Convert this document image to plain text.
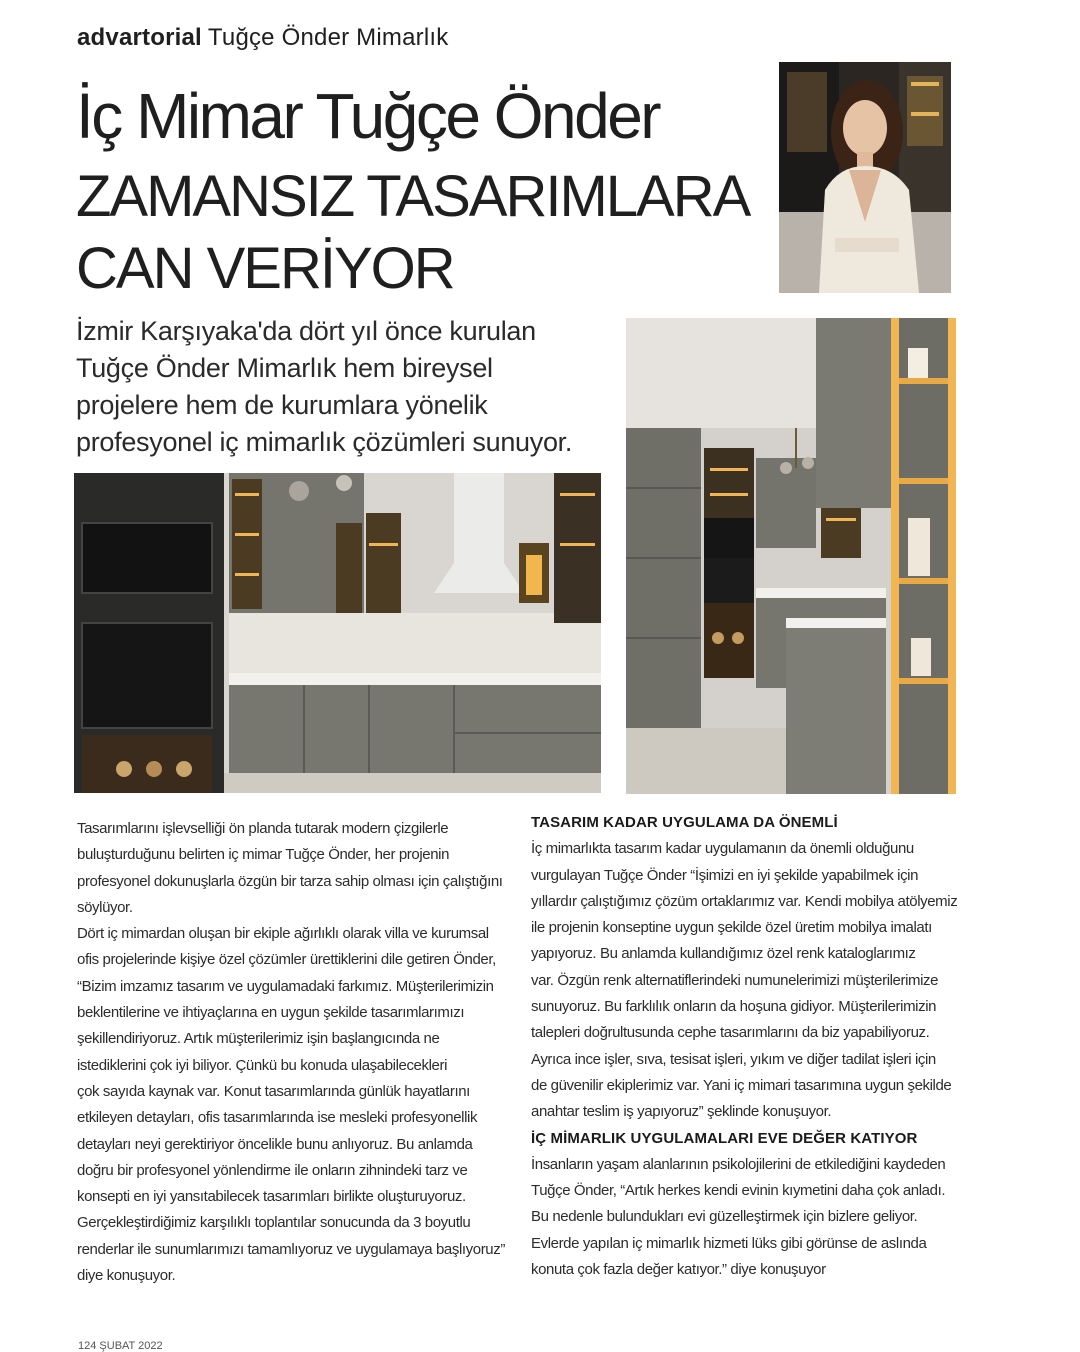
advartorial Tuğçe Önder Mimarlık
İç Mimar Tuğçe Önder
ZAMANSIZ TASARIMLARA
CAN VERİYOR
İzmir Karşıyaka'da dört yıl önce kurulan
Tuğçe Önder Mimarlık hem bireysel
projelere hem de kurumlara yönelik
profesyonel iç mimarlık çözümleri sunuyor.
Tasarımlarını işlevselliği ön planda tutarak modern çizgilerle
buluşturduğunu belirten iç mimar Tuğçe Önder, her projenin
profesyonel dokunuşlarla özgün bir tarza sahip olması için çalıştığını
söylüyor.
Dört iç mimardan oluşan bir ekiple ağırlıklı olarak villa ve kurumsal
ofis projelerinde kişiye özel çözümler ürettiklerini dile getiren Önder,
“Bizim imzamız tasarım ve uygulamadaki farkımız. Müşterilerimizin
beklentilerine ve ihtiyaçlarına en uygun şekilde tasarımlarımızı
şekillendiriyoruz. Artık müşterilerimiz işin başlangıcında ne
istediklerini çok iyi biliyor. Çünkü bu konuda ulaşabilecekleri
çok sayıda kaynak var. Konut tasarımlarında günlük hayatlarını
etkileyen detayları, ofis tasarımlarında ise mesleki profesyonellik
detayları neyi gerektiriyor öncelikle bunu anlıyoruz. Bu anlamda
doğru bir profesyonel yönlendirme ile onların zihnindeki tarz ve
konsepti en iyi yansıtabilecek tasarımları birlikte oluşturuyoruz.
Gerçekleştirdiğimiz karşılıklı toplantılar sonucunda da 3 boyutlu
renderlar ile sunumlarımızı tamamlıyoruz ve uygulamaya başlıyoruz”
diye konuşuyor.
TASARIM KADAR UYGULAMA DA ÖNEMLİ
İç mimarlıkta tasarım kadar uygulamanın da önemli olduğunu
vurgulayan Tuğçe Önder “İşimizi en iyi şekilde yapabilmek için
yıllardır çalıştığımız çözüm ortaklarımız var. Kendi mobilya atölyemiz
ile projenin konseptine uygun şekilde özel üretim mobilya imalatı
yapıyoruz. Bu anlamda kullandığımız özel renk kataloglarımız
var. Özgün renk alternatiflerindeki numunelerimizi müşterilerimize
sunuyoruz. Bu farklılık onların da hoşuna gidiyor. Müşterilerimizin
talepleri doğrultusunda cephe tasarımlarını da biz yapabiliyoruz.
Ayrıca ince işler, sıva, tesisat işleri, yıkım ve diğer tadilat işleri için
de güvenilir ekiplerimiz var. Yani iç mimari tasarımına uygun şekilde
anahtar teslim iş yapıyoruz” şeklinde konuşuyor.
İÇ MİMARLIK UYGULAMALARI EVE DEĞER KATIYOR
İnsanların yaşam alanlarının psikolojilerini de etkilediğini kaydeden
Tuğçe Önder, “Artık herkes kendi evinin kıymetini daha çok anladı.
Bu nedenle bulundukları evi güzelleştirmek için bizlere geliyor.
Evlerde yapılan iç mimarlık hizmeti lüks gibi görünse de aslında
konuta çok fazla değer katıyor.” diye konuşuyor
124 ŞUBAT 2022
